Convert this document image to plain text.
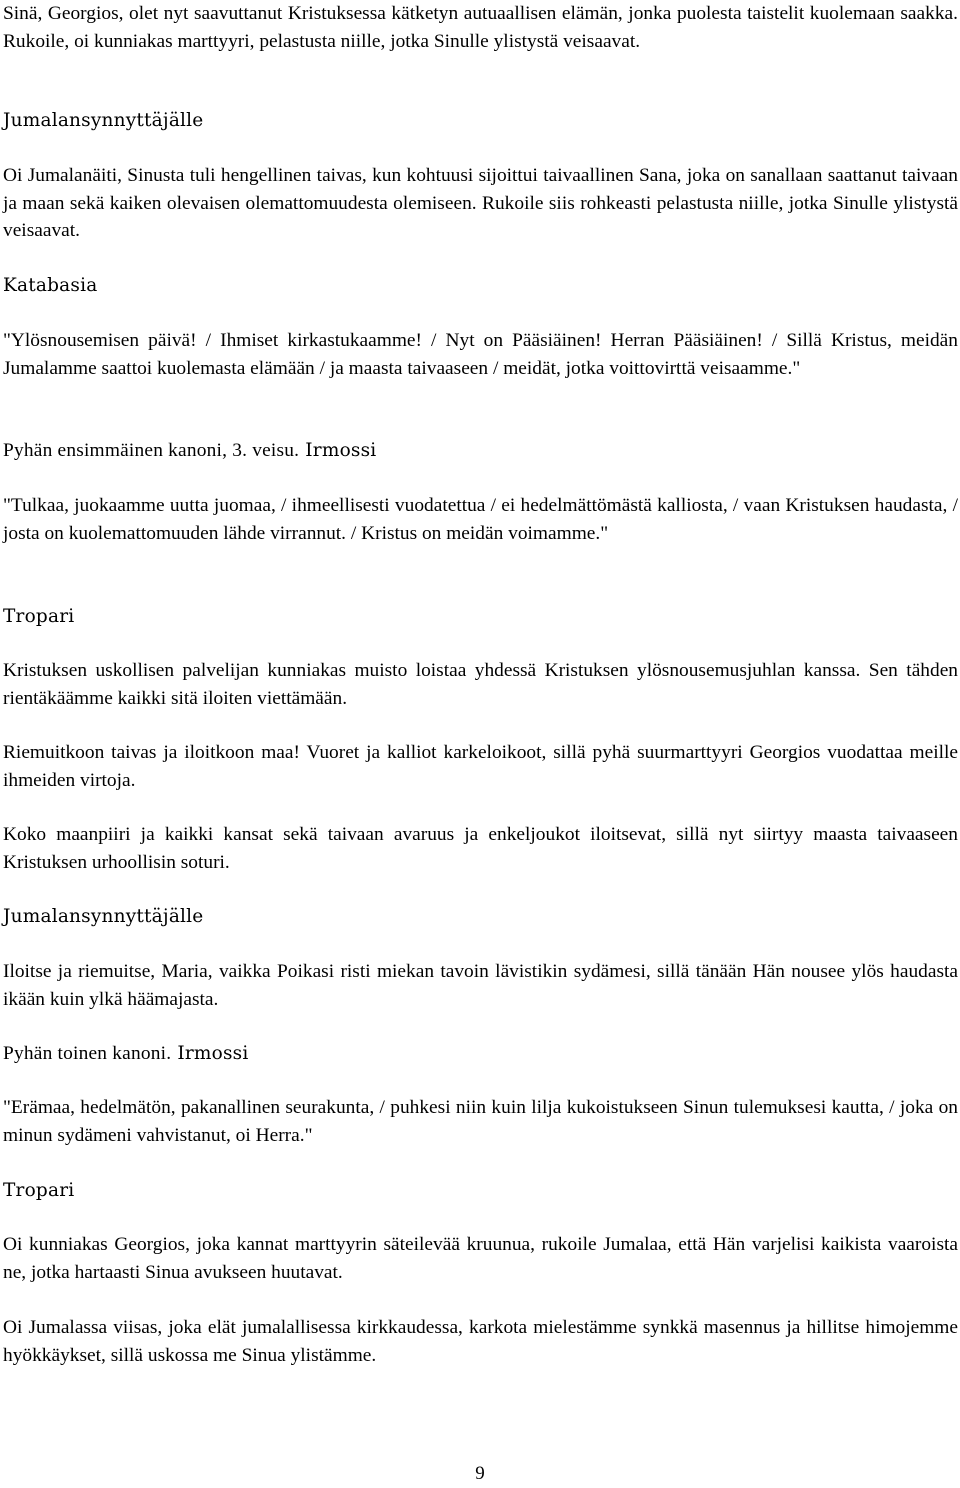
Sinä, Georgios, olet nyt saavuttanut Kristuksessa kätketyn autuaallisen elämän, jonka puolesta taistelit kuolemaan saakka. Rukoile, oi kunniakas marttyyri, pelastusta niille, jotka Sinulle ylistystä veisaavat.

Jumalansynnyttäjälle

Oi Jumalanäiti, Sinusta tuli hengellinen taivas, kun kohtuusi sijoittui taivaallinen Sana, joka on sanallaan saattanut taivaan ja maan sekä kaiken olevaisen olemattomuudesta olemiseen. Rukoile siis rohkeasti pelastusta niille, jotka Sinulle ylistystä veisaavat.

Katabasia

"Ylösnousemisen päivä! / Ihmiset kirkastukaamme! / Nyt on Pääsiäinen! Herran Pääsiäinen! / Sillä Kristus, meidän Jumalamme saattoi kuolemasta elämään / ja maasta taivaaseen / meidät, jotka voittovirttä veisaamme."

Pyhän ensimmäinen kanoni, 3. veisu. Irmossi

"Tulkaa, juokaamme uutta juomaa, / ihmeellisesti vuodatettua / ei hedelmättömästä kalliosta, / vaan Kristuksen haudasta, / josta on kuolemattomuuden lähde virrannut. / Kristus on meidän voimamme."

Tropari

Kristuksen uskollisen palvelijan kunniakas muisto loistaa yhdessä Kristuksen ylösnousemusjuhlan kanssa. Sen tähden rientäkäämme kaikki sitä iloiten viettämään.

Riemuitkoon taivas ja iloitkoon maa! Vuoret ja kalliot karkeloikoot, sillä pyhä suurmarttyyri Georgios vuodattaa meille ihmeiden virtoja.

Koko maanpiiri ja kaikki kansat sekä taivaan avaruus ja enkeljoukot iloitsevat, sillä nyt siirtyy maasta taivaaseen Kristuksen urhoollisin soturi.

Jumalansynnyttäjälle

Iloitse ja riemuitse, Maria, vaikka Poikasi risti miekan tavoin lävistikin sydämesi, sillä tänään Hän nousee ylös haudasta ikään kuin ylkä häämajasta.

Pyhän toinen kanoni. Irmossi

"Erämaa, hedelmätön, pakanallinen seurakunta, / puhkesi niin kuin lilja kukoistukseen Sinun tulemuksesi kautta, / joka on minun sydämeni vahvistanut, oi Herra."

Tropari

Oi kunniakas Georgios, joka kannat marttyyrin säteilevää kruunua, rukoile Jumalaa, että Hän varjelisi kaikista vaaroista ne, jotka hartaasti Sinua avukseen huutavat.

Oi Jumalassa viisas, joka elät jumalallisessa kirkkaudessa, karkota mielestämme synkkä masennus ja hillitse himojemme hyökkäykset, sillä uskossa me Sinua ylistämme.

9
